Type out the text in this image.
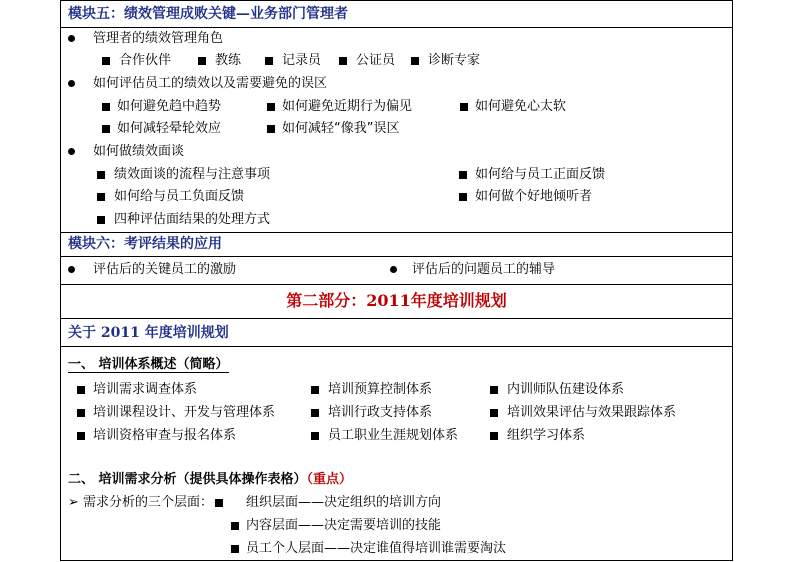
模块五：绩效管理成败关键—业务部门管理者
管理者的绩效管理角色
合作伙伴	教练	记录员	公证员	诊断专家
如何评估员工的绩效以及需要避免的误区
如何避免趋中趋势	如何避免近期行为偏见	如何避免心太软
如何减轻晕轮效应	如何减轻“像我”误区
如何做绩效面谈
绩效面谈的流程与注意事项	如何给与员工正面反馈
如何给与员工负面反馈	如何做个好地倾听者
四种评估面结果的处理方式
模块六：考评结果的应用
评估后的关键员工的激励	评估后的问题员工的辅导
第二部分：2011年度培训规划
关于 2011 年度培训规划
一、 培训体系概述（简略）
培训需求调查体系	培训预算控制体系	内训师队伍建设体系
培训课程设计、开发与管理体系	培训行政支持体系	培训效果评估与效果跟踪体系
培训资格审查与报名体系	员工职业生涯规划体系	组织学习体系
二、 培训需求分析（提供具体操作表格）（重点）
➢ 需求分析的三个层面：	组织层面——决定组织的培训方向
内容层面——决定需要培训的技能
员工个人层面——决定谁值得培训谁需要淘汰
